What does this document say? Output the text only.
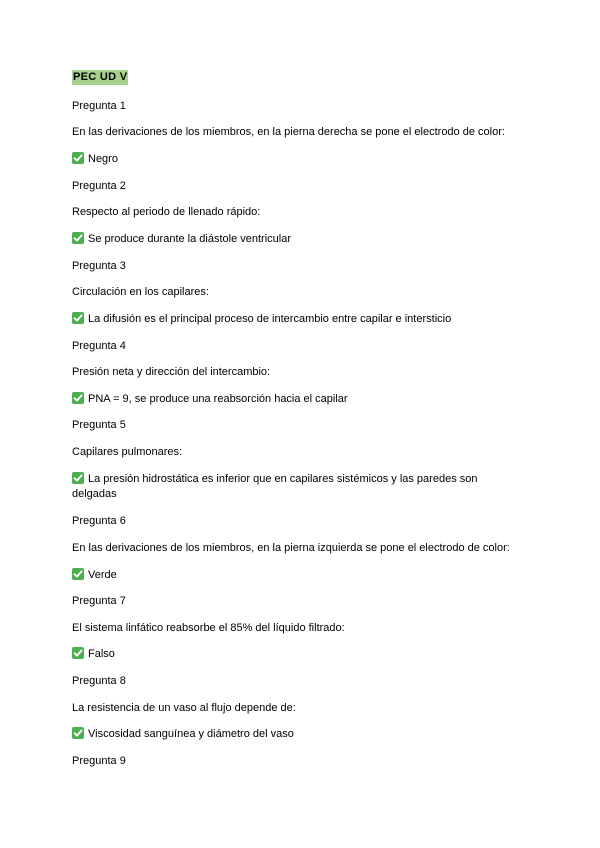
PEC UD V
Pregunta 1
En las derivaciones de los miembros, en la pierna derecha se pone el electrodo de color:
Negro
Pregunta 2
Respecto al periodo de llenado rápido:
Se produce durante la diástole ventricular
Pregunta 3
Circulación en los capilares:
La difusión es el principal proceso de intercambio entre capilar e intersticio
Pregunta 4
Presión neta y dirección del intercambio:
PNA = 9, se produce una reabsorción hacia el capilar
Pregunta 5
Capilares pulmonares:
La presión hidrostática es inferior que en capilares sistémicos y las paredes son delgadas
Pregunta 6
En las derivaciones de los miembros, en la pierna izquierda se pone el electrodo de color:
Verde
Pregunta 7
El sistema linfático reabsorbe el 85% del líquido filtrado:
Falso
Pregunta 8
La resistencia de un vaso al flujo depende de:
Viscosidad sanguínea y diámetro del vaso
Pregunta 9
